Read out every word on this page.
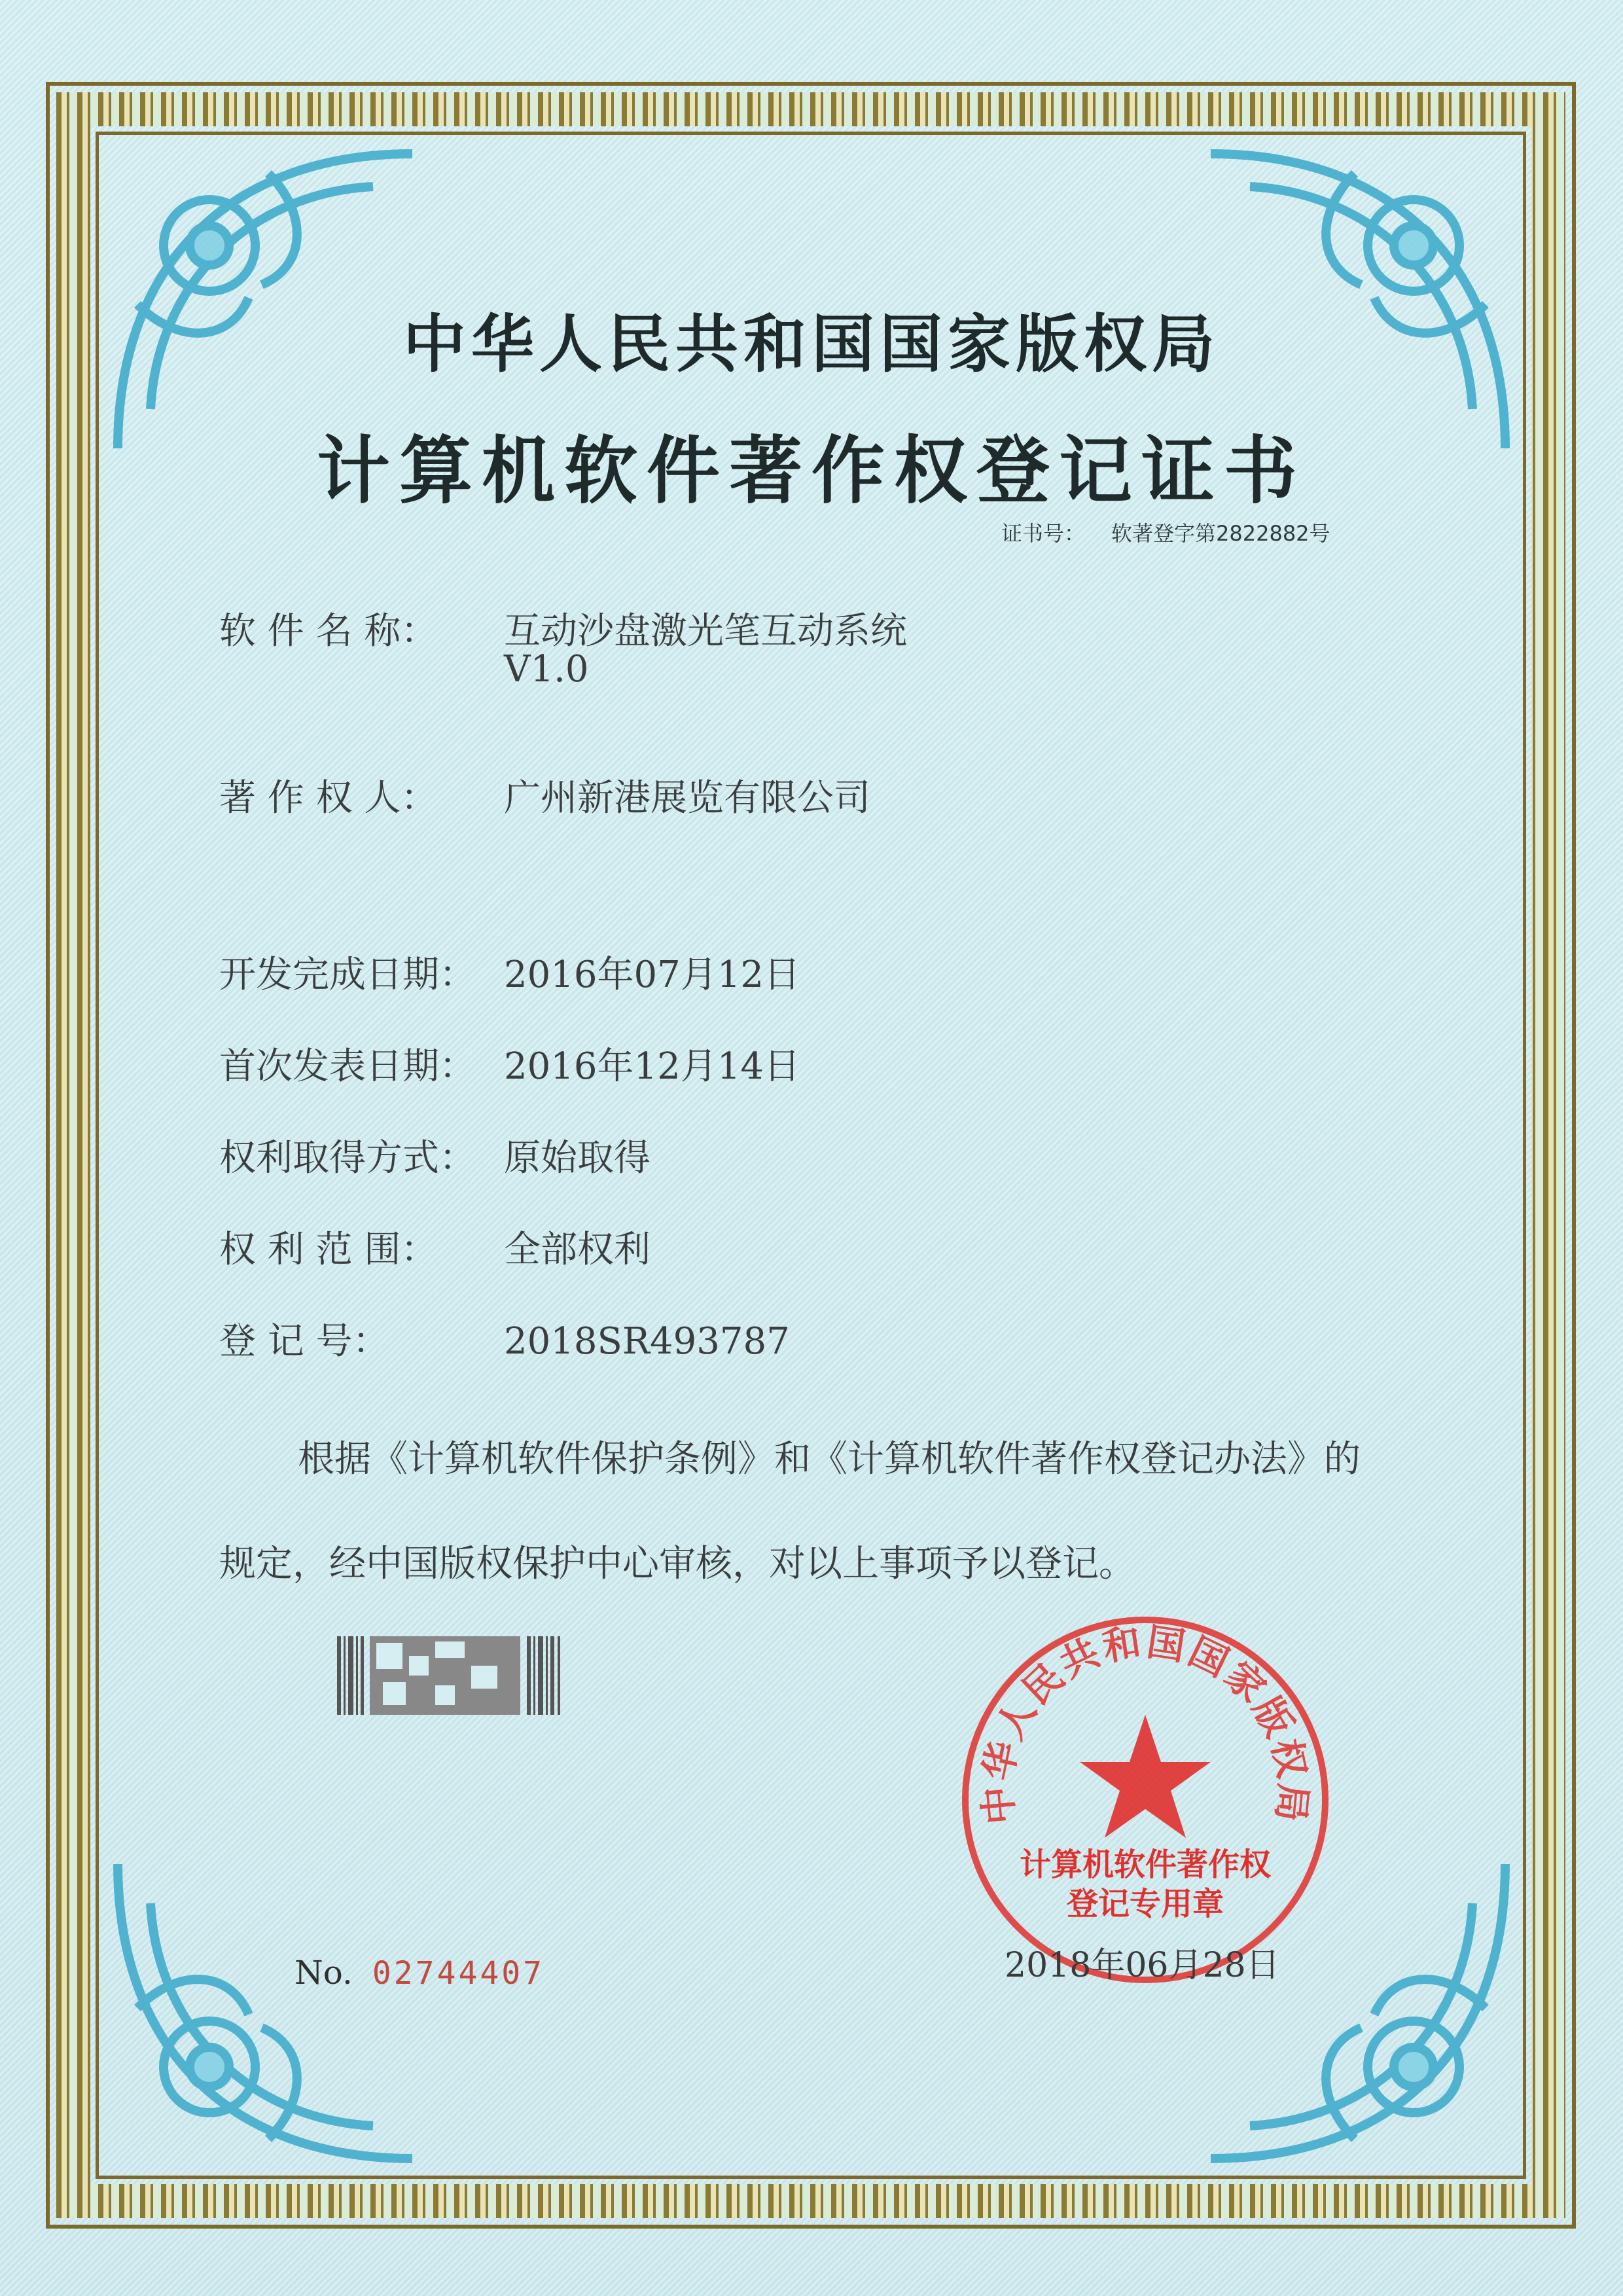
中华人民共和国国家版权局
计算机软件著作权登记证书
证书号： 软著登字第2822882号
软 件 名 称： 互动沙盘激光笔互动系统
V1.0
著 作 权 人： 广州新港展览有限公司
开发完成日期： 2016年07月12日
首次发表日期： 2016年12月14日
权利取得方式： 原始取得
权 利 范 围： 全部权利
登 记 号：	2018SR493787
根据《计算机软件保护条例》和《计算机软件著作权登记办法》的
规定，经中国版权保护中心审核，对以上事项予以登记。
No. 02744407
中华人民共和国国家版权局
计算机软件著作权
登记专用章
2018年06月28日
